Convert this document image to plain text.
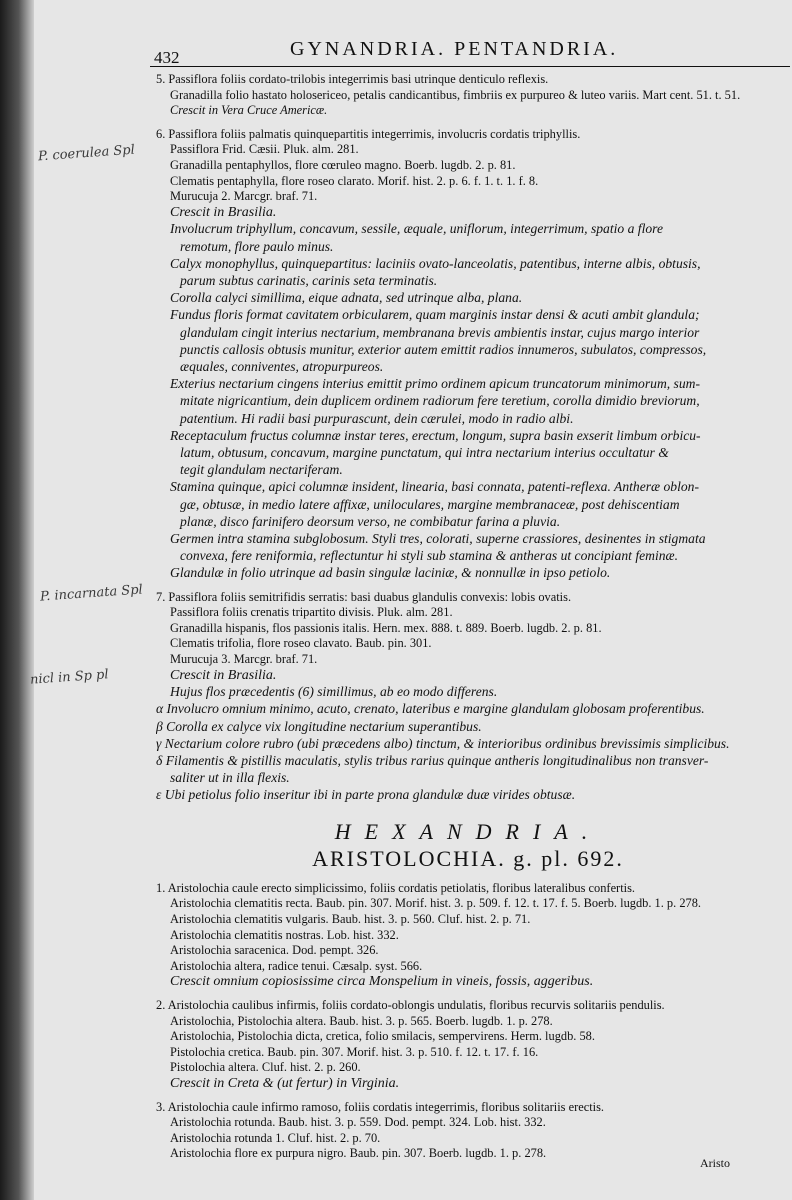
432	GYNANDRIA. PENTANDRIA.
P. coerulea Spl
P. incarnata Spl
nicl in Sp pl
5. Passiflora foliis cordato-trilobis integerrimis basi utrinque denticulo reflexis.
Granadilla folio hastato holosericeo, petalis candicantibus, fimbriis ex purpureo & luteo variis. Mart cent. 51. t. 51.
Crescit in Vera Cruce Americæ.
6. Passiflora foliis palmatis quinquepartitis integerrimis, involucris cordatis triphyllis.
Passiflora Frid. Cæsii. Pluk. alm. 281.
Granadilla pentaphyllos, flore cœruleo magno. Boerb. lugdb. 2. p. 81.
Clematis pentaphylla, flore roseo clarato. Morif. hist. 2. p. 6. f. 1. t. 1. f. 8.
Murucuja 2. Marcgr. braf. 71.
Crescit in Brasilia.
Involucrum triphyllum, concavum, sessile, æquale, uniflorum, integerrimum, spatio a flore
remotum, flore paulo minus.
Calyx monophyllus, quinquepartitus: laciniis ovato-lanceolatis, patentibus, interne albis, obtusis,
parum subtus carinatis, carinis seta terminatis.
Corolla calyci simillima, eique adnata, sed utrinque alba, plana.
Fundus floris format cavitatem orbicularem, quam marginis instar densi & acuti ambit glandula;
glandulam cingit interius nectarium, membranana brevis ambientis instar, cujus margo interior
punctis callosis obtusis munitur, exterior autem emittit radios innumeros, subulatos, compressos,
æquales, conniventes, atropurpureos.
Exterius nectarium cingens interius emittit primo ordinem apicum truncatorum minimorum, sum-
mitate nigricantium, dein duplicem ordinem radiorum fere teretium, corolla dimidio breviorum,
patentium. Hi radii basi purpurascunt, dein cærulei, modo in radio albi.
Receptaculum fructus columnæ instar teres, erectum, longum, supra basin exserit limbum orbicu-
latum, obtusum, concavum, margine punctatum, qui intra nectarium interius occultatur &
tegit glandulam nectariferam.
Stamina quinque, apici columnæ insident, linearia, basi connata, patenti-reflexa. Antheræ oblon-
gæ, obtusæ, in medio latere affixæ, uniloculares, margine membranaceæ, post dehiscentiam
planæ, disco farinifero deorsum verso, ne combibatur farina a pluvia.
Germen intra stamina subglobosum. Styli tres, colorati, superne crassiores, desinentes in stigmata
convexa, fere reniformia, reflectuntur hi styli sub stamina & antheras ut concipiant feminæ.
Glandulæ in folio utrinque ad basin singulæ laciniæ, & nonnullæ in ipso petiolo.
7. Passiflora foliis semitrifidis serratis: basi duabus glandulis convexis: lobis ovatis.
Passiflora foliis crenatis tripartito divisis. Pluk. alm. 281.
Granadilla hispanis, flos passionis italis. Hern. mex. 888. t. 889. Boerb. lugdb. 2. p. 81.
Clematis trifolia, flore roseo clavato. Baub. pin. 301.
Murucuja 3. Marcgr. braf. 71.
Crescit in Brasilia.
Hujus flos præcedentis (6) simillimus, ab eo modo differens.
α Involucro omnium minimo, acuto, crenato, lateribus e margine glandulam globosam proferentibus.
β Corolla ex calyce vix longitudine nectarium superantibus.
γ Nectarium colore rubro (ubi præcedens albo) tinctum, & interioribus ordinibus brevissimis simplicibus.
δ Filamentis & pistillis maculatis, stylis tribus rarius quinque antheris longitudinalibus non transver-
saliter ut in illa flexis.
ε Ubi petiolus folio inseritur ibi in parte prona glandulæ duæ virides obtusæ.
HEXANDRIA.
ARISTOLOCHIA. g. pl. 692.
1. Aristolochia caule erecto simplicissimo, foliis cordatis petiolatis, floribus lateralibus confertis.
Aristolochia clematitis recta. Baub. pin. 307. Morif. hist. 3. p. 509. f. 12. t. 17. f. 5. Boerb. lugdb. 1. p. 278.
Aristolochia clematitis vulgaris. Baub. hist. 3. p. 560. Cluf. hist. 2. p. 71.
Aristolochia clematitis nostras. Lob. hist. 332.
Aristolochia saracenica. Dod. pempt. 326.
Aristolochia altera, radice tenui. Cæsalp. syst. 566.
Crescit omnium copiosissime circa Monspelium in vineis, fossis, aggeribus.
2. Aristolochia caulibus infirmis, foliis cordato-oblongis undulatis, floribus recurvis solitariis pendulis.
Aristolochia, Pistolochia altera. Baub. hist. 3. p. 565. Boerb. lugdb. 1. p. 278.
Aristolochia, Pistolochia dicta, cretica, folio smilacis, sempervirens. Herm. lugdb. 58.
Pistolochia cretica. Baub. pin. 307. Morif. hist. 3. p. 510. f. 12. t. 17. f. 16.
Pistolochia altera. Cluf. hist. 2. p. 260.
Crescit in Creta & (ut fertur) in Virginia.
3. Aristolochia caule infirmo ramoso, foliis cordatis integerrimis, floribus solitariis erectis.
Aristolochia rotunda. Baub. hist. 3. p. 559. Dod. pempt. 324. Lob. hist. 332.
Aristolochia rotunda 1. Cluf. hist. 2. p. 70.
Aristolochia flore ex purpura nigro. Baub. pin. 307. Boerb. lugdb. 1. p. 278.
Aristo
